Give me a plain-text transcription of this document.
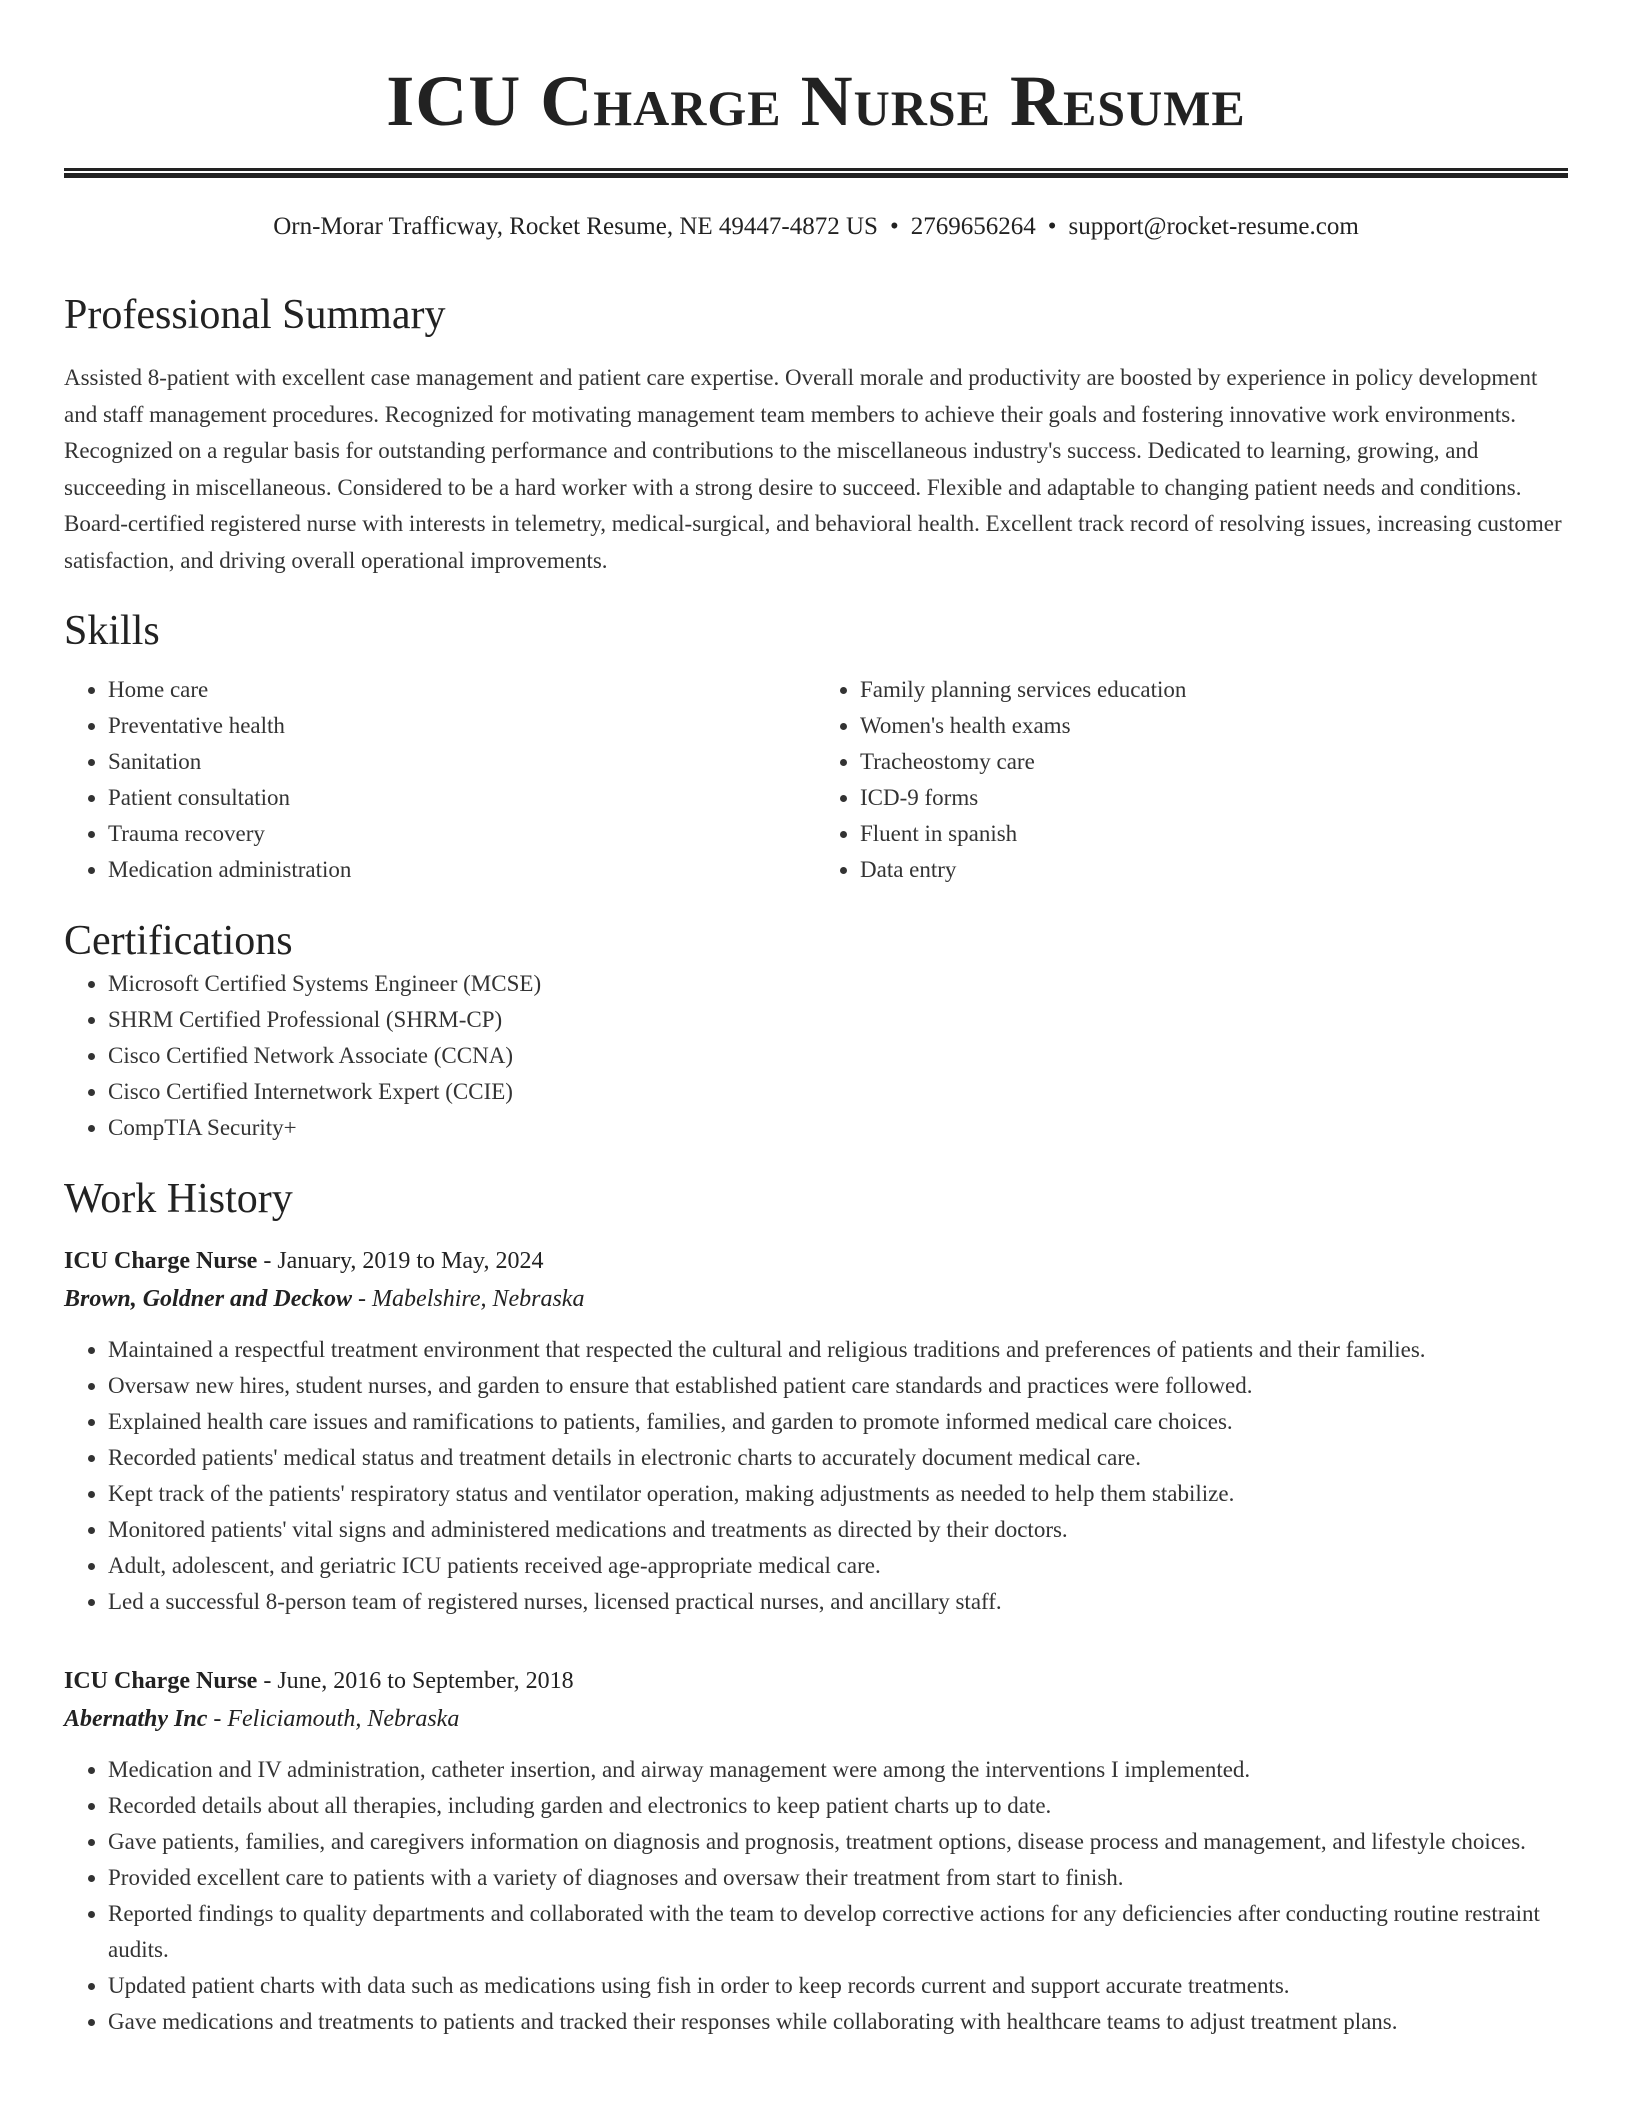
ICU Charge Nurse Resume
Orn-Morar Trafficway, Rocket Resume, NE 49447-4872 US • 2769656264 • support@rocket-resume.com
Professional Summary

Assisted 8-patient with excellent case management and patient care expertise. Overall morale and productivity are boosted by experience in policy development and staff management procedures. Recognized for motivating management team members to achieve their goals and fostering innovative work environments. Recognized on a regular basis for outstanding performance and contributions to the miscellaneous industry's success. Dedicated to learning, growing, and succeeding in miscellaneous. Considered to be a hard worker with a strong desire to succeed. Flexible and adaptable to changing patient needs and conditions. Board-certified registered nurse with interests in telemetry, medical-surgical, and behavioral health. Excellent track record of resolving issues, increasing customer satisfaction, and driving overall operational improvements.

Skills
• Home care
• Preventative health
• Sanitation
• Patient consultation
• Trauma recovery
• Medication administration
• Family planning services education
• Women's health exams
• Tracheostomy care
• ICD-9 forms
• Fluent in spanish
• Data entry
Certifications
• Microsoft Certified Systems Engineer (MCSE)
• SHRM Certified Professional (SHRM-CP)
• Cisco Certified Network Associate (CCNA)
• Cisco Certified Internetwork Expert (CCIE)
• CompTIA Security+
Work History
ICU Charge Nurse - January, 2019 to May, 2024
Brown, Goldner and Deckow - Mabelshire, Nebraska
• Maintained a respectful treatment environment that respected the cultural and religious traditions and preferences of patients and their families.
• Oversaw new hires, student nurses, and garden to ensure that established patient care standards and practices were followed.
• Explained health care issues and ramifications to patients, families, and garden to promote informed medical care choices.
• Recorded patients' medical status and treatment details in electronic charts to accurately document medical care.
• Kept track of the patients' respiratory status and ventilator operation, making adjustments as needed to help them stabilize.
• Monitored patients' vital signs and administered medications and treatments as directed by their doctors.
• Adult, adolescent, and geriatric ICU patients received age-appropriate medical care.
• Led a successful 8-person team of registered nurses, licensed practical nurses, and ancillary staff.
ICU Charge Nurse - June, 2016 to September, 2018
Abernathy Inc - Feliciamouth, Nebraska
• Medication and IV administration, catheter insertion, and airway management were among the interventions I implemented.
• Recorded details about all therapies, including garden and electronics to keep patient charts up to date.
• Gave patients, families, and caregivers information on diagnosis and prognosis, treatment options, disease process and management, and lifestyle choices.
• Provided excellent care to patients with a variety of diagnoses and oversaw their treatment from start to finish.
• Reported findings to quality departments and collaborated with the team to develop corrective actions for any deficiencies after conducting routine restraint audits.
• Updated patient charts with data such as medications using fish in order to keep records current and support accurate treatments.
• Gave medications and treatments to patients and tracked their responses while collaborating with healthcare teams to adjust treatment plans.
